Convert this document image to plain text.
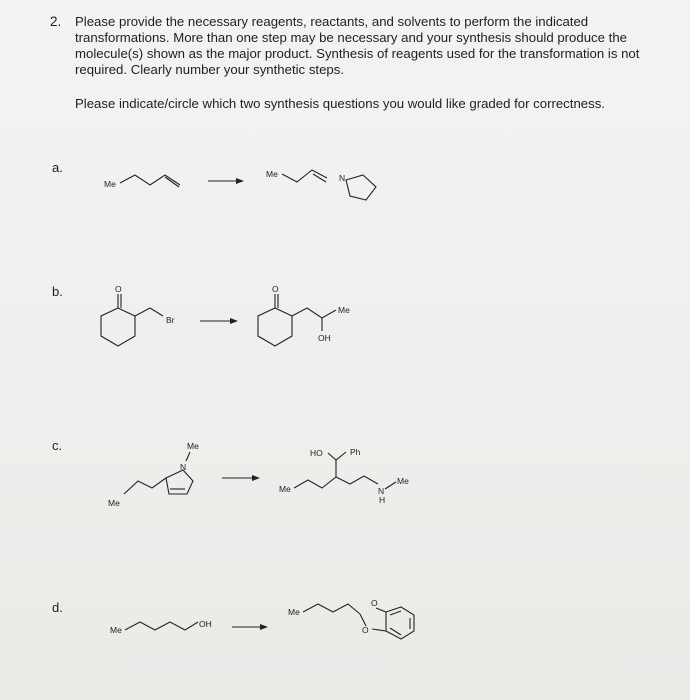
2. Please provide the necessary reagents, reactants, and solvents to perform the indicated transformations. More than one step may be necessary and your synthesis should produce the molecule(s) shown as the major product. Synthesis of reagents used for the transformation is not required. Clearly number your synthetic steps.

Please indicate/circle which two synthesis questions you would like graded for correctness.
a.
b.
c.
d.
Me
Me	N
O
Br
O
Me
OH
Me
N
Me
Me
HO	Ph
N
H
Me
Me
OH
Me
O
O
